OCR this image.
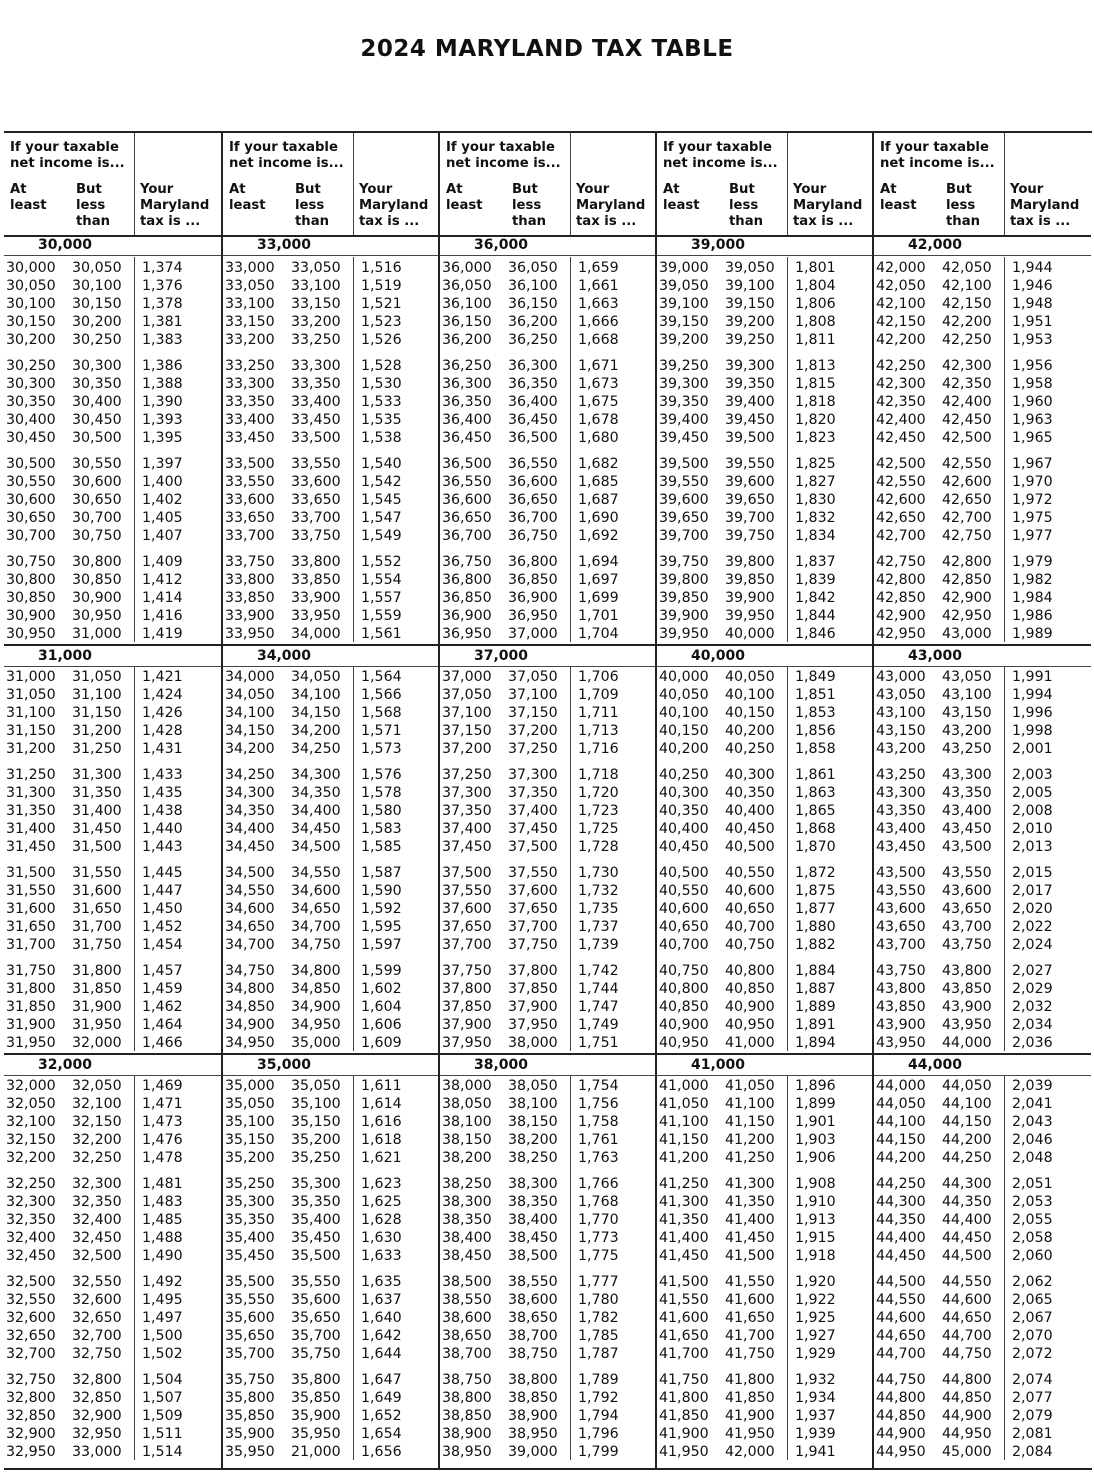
2024 MARYLAND TAX TABLE
If your taxable net income is...
At least
But less than
Your Maryland tax is ...
30,000
30,000 30,050 1,374
30,050 30,100 1,376
30,100 30,150 1,378
30,150 30,200 1,381
30,200 30,250 1,383
30,250 30,300 1,386
30,300 30,350 1,388
30,350 30,400 1,390
30,400 30,450 1,393
30,450 30,500 1,395
30,500 30,550 1,397
30,550 30,600 1,400
30,600 30,650 1,402
30,650 30,700 1,405
30,700 30,750 1,407
30,750 30,800 1,409
30,800 30,850 1,412
30,850 30,900 1,414
30,900 30,950 1,416
30,950 31,000 1,419
31,000
31,000 31,050 1,421
31,050 31,100 1,424
31,100 31,150 1,426
31,150 31,200 1,428
31,200 31,250 1,431
31,250 31,300 1,433
31,300 31,350 1,435
31,350 31,400 1,438
31,400 31,450 1,440
31,450 31,500 1,443
31,500 31,550 1,445
31,550 31,600 1,447
31,600 31,650 1,450
31,650 31,700 1,452
31,700 31,750 1,454
31,750 31,800 1,457
31,800 31,850 1,459
31,850 31,900 1,462
31,900 31,950 1,464
31,950 32,000 1,466
32,000
32,000 32,050 1,469
32,050 32,100 1,471
32,100 32,150 1,473
32,150 32,200 1,476
32,200 32,250 1,478
32,250 32,300 1,481
32,300 32,350 1,483
32,350 32,400 1,485
32,400 32,450 1,488
32,450 32,500 1,490
32,500 32,550 1,492
32,550 32,600 1,495
32,600 32,650 1,497
32,650 32,700 1,500
32,700 32,750 1,502
32,750 32,800 1,504
32,800 32,850 1,507
32,850 32,900 1,509
32,900 32,950 1,511
32,950 33,000 1,514
If your taxable net income is...
At least
But less than
Your Maryland tax is ...
33,000
33,000 33,050 1,516
33,050 33,100 1,519
33,100 33,150 1,521
33,150 33,200 1,523
33,200 33,250 1,526
33,250 33,300 1,528
33,300 33,350 1,530
33,350 33,400 1,533
33,400 33,450 1,535
33,450 33,500 1,538
33,500 33,550 1,540
33,550 33,600 1,542
33,600 33,650 1,545
33,650 33,700 1,547
33,700 33,750 1,549
33,750 33,800 1,552
33,800 33,850 1,554
33,850 33,900 1,557
33,900 33,950 1,559
33,950 34,000 1,561
34,000
34,000 34,050 1,564
34,050 34,100 1,566
34,100 34,150 1,568
34,150 34,200 1,571
34,200 34,250 1,573
34,250 34,300 1,576
34,300 34,350 1,578
34,350 34,400 1,580
34,400 34,450 1,583
34,450 34,500 1,585
34,500 34,550 1,587
34,550 34,600 1,590
34,600 34,650 1,592
34,650 34,700 1,595
34,700 34,750 1,597
34,750 34,800 1,599
34,800 34,850 1,602
34,850 34,900 1,604
34,900 34,950 1,606
34,950 35,000 1,609
35,000
35,000 35,050 1,611
35,050 35,100 1,614
35,100 35,150 1,616
35,150 35,200 1,618
35,200 35,250 1,621
35,250 35,300 1,623
35,300 35,350 1,625
35,350 35,400 1,628
35,400 35,450 1,630
35,450 35,500 1,633
35,500 35,550 1,635
35,550 35,600 1,637
35,600 35,650 1,640
35,650 35,700 1,642
35,700 35,750 1,644
35,750 35,800 1,647
35,800 35,850 1,649
35,850 35,900 1,652
35,900 35,950 1,654
35,950 21,000 1,656
If your taxable net income is...
At least
But less than
Your Maryland tax is ...
36,000
36,000 36,050 1,659
36,050 36,100 1,661
36,100 36,150 1,663
36,150 36,200 1,666
36,200 36,250 1,668
36,250 36,300 1,671
36,300 36,350 1,673
36,350 36,400 1,675
36,400 36,450 1,678
36,450 36,500 1,680
36,500 36,550 1,682
36,550 36,600 1,685
36,600 36,650 1,687
36,650 36,700 1,690
36,700 36,750 1,692
36,750 36,800 1,694
36,800 36,850 1,697
36,850 36,900 1,699
36,900 36,950 1,701
36,950 37,000 1,704
37,000
37,000 37,050 1,706
37,050 37,100 1,709
37,100 37,150 1,711
37,150 37,200 1,713
37,200 37,250 1,716
37,250 37,300 1,718
37,300 37,350 1,720
37,350 37,400 1,723
37,400 37,450 1,725
37,450 37,500 1,728
37,500 37,550 1,730
37,550 37,600 1,732
37,600 37,650 1,735
37,650 37,700 1,737
37,700 37,750 1,739
37,750 37,800 1,742
37,800 37,850 1,744
37,850 37,900 1,747
37,900 37,950 1,749
37,950 38,000 1,751
38,000
38,000 38,050 1,754
38,050 38,100 1,756
38,100 38,150 1,758
38,150 38,200 1,761
38,200 38,250 1,763
38,250 38,300 1,766
38,300 38,350 1,768
38,350 38,400 1,770
38,400 38,450 1,773
38,450 38,500 1,775
38,500 38,550 1,777
38,550 38,600 1,780
38,600 38,650 1,782
38,650 38,700 1,785
38,700 38,750 1,787
38,750 38,800 1,789
38,800 38,850 1,792
38,850 38,900 1,794
38,900 38,950 1,796
38,950 39,000 1,799
If your taxable net income is...
At least
But less than
Your Maryland tax is ...
39,000
39,000 39,050 1,801
39,050 39,100 1,804
39,100 39,150 1,806
39,150 39,200 1,808
39,200 39,250 1,811
39,250 39,300 1,813
39,300 39,350 1,815
39,350 39,400 1,818
39,400 39,450 1,820
39,450 39,500 1,823
39,500 39,550 1,825
39,550 39,600 1,827
39,600 39,650 1,830
39,650 39,700 1,832
39,700 39,750 1,834
39,750 39,800 1,837
39,800 39,850 1,839
39,850 39,900 1,842
39,900 39,950 1,844
39,950 40,000 1,846
40,000
40,000 40,050 1,849
40,050 40,100 1,851
40,100 40,150 1,853
40,150 40,200 1,856
40,200 40,250 1,858
40,250 40,300 1,861
40,300 40,350 1,863
40,350 40,400 1,865
40,400 40,450 1,868
40,450 40,500 1,870
40,500 40,550 1,872
40,550 40,600 1,875
40,600 40,650 1,877
40,650 40,700 1,880
40,700 40,750 1,882
40,750 40,800 1,884
40,800 40,850 1,887
40,850 40,900 1,889
40,900 40,950 1,891
40,950 41,000 1,894
41,000
41,000 41,050 1,896
41,050 41,100 1,899
41,100 41,150 1,901
41,150 41,200 1,903
41,200 41,250 1,906
41,250 41,300 1,908
41,300 41,350 1,910
41,350 41,400 1,913
41,400 41,450 1,915
41,450 41,500 1,918
41,500 41,550 1,920
41,550 41,600 1,922
41,600 41,650 1,925
41,650 41,700 1,927
41,700 41,750 1,929
41,750 41,800 1,932
41,800 41,850 1,934
41,850 41,900 1,937
41,900 41,950 1,939
41,950 42,000 1,941
If your taxable net income is...
At least
But less than
Your Maryland tax is ...
42,000
42,000 42,050 1,944
42,050 42,100 1,946
42,100 42,150 1,948
42,150 42,200 1,951
42,200 42,250 1,953
42,250 42,300 1,956
42,300 42,350 1,958
42,350 42,400 1,960
42,400 42,450 1,963
42,450 42,500 1,965
42,500 42,550 1,967
42,550 42,600 1,970
42,600 42,650 1,972
42,650 42,700 1,975
42,700 42,750 1,977
42,750 42,800 1,979
42,800 42,850 1,982
42,850 42,900 1,984
42,900 42,950 1,986
42,950 43,000 1,989
43,000
43,000 43,050 1,991
43,050 43,100 1,994
43,100 43,150 1,996
43,150 43,200 1,998
43,200 43,250 2,001
43,250 43,300 2,003
43,300 43,350 2,005
43,350 43,400 2,008
43,400 43,450 2,010
43,450 43,500 2,013
43,500 43,550 2,015
43,550 43,600 2,017
43,600 43,650 2,020
43,650 43,700 2,022
43,700 43,750 2,024
43,750 43,800 2,027
43,800 43,850 2,029
43,850 43,900 2,032
43,900 43,950 2,034
43,950 44,000 2,036
44,000
44,000 44,050 2,039
44,050 44,100 2,041
44,100 44,150 2,043
44,150 44,200 2,046
44,200 44,250 2,048
44,250 44,300 2,051
44,300 44,350 2,053
44,350 44,400 2,055
44,400 44,450 2,058
44,450 44,500 2,060
44,500 44,550 2,062
44,550 44,600 2,065
44,600 44,650 2,067
44,650 44,700 2,070
44,700 44,750 2,072
44,750 44,800 2,074
44,800 44,850 2,077
44,850 44,900 2,079
44,900 44,950 2,081
44,950 45,000 2,084
